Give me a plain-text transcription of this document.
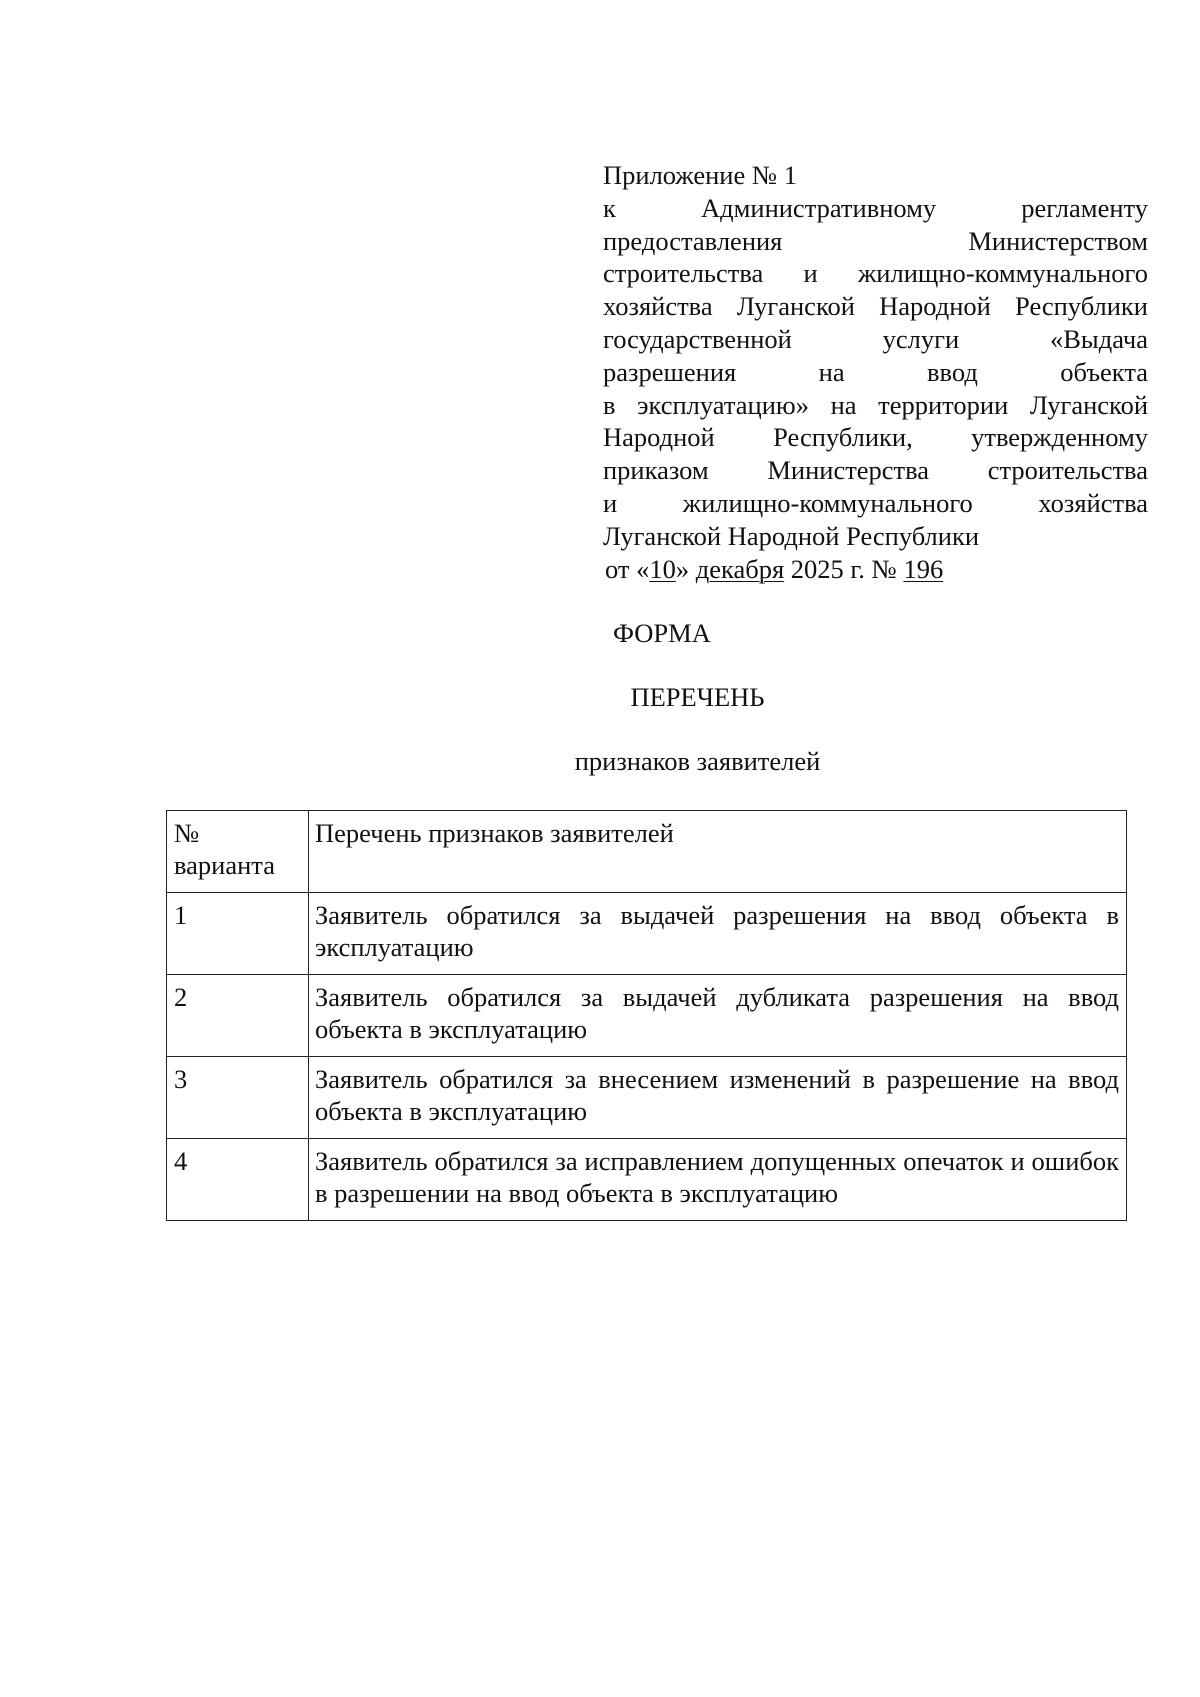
Приложение № 1
к Административному регламенту
предоставления Министерством
строительства и жилищно-коммунального
хозяйства Луганской Народной Республики
государственной услуги «Выдача
разрешения на ввод объекта
в эксплуатацию» на территории Луганской
Народной Республики, утвержденному
приказом Министерства строительства
и жилищно-коммунального хозяйства
Луганской Народной Республики
от «10» декабря 2025 г. № 196
ФОРМА
ПЕРЕЧЕНЬ
признаков заявителей
№ варианта	Перечень признаков заявителей
1	Заявитель обратился за выдачей разрешения на ввод объекта в эксплуатацию
2	Заявитель обратился за выдачей дубликата разрешения на ввод объекта в эксплуатацию
3	Заявитель обратился за внесением изменений в разрешение на ввод объекта в эксплуатацию
4	Заявитель обратился за исправлением допущенных опечаток и ошибок в разрешении на ввод объекта в эксплуатацию
